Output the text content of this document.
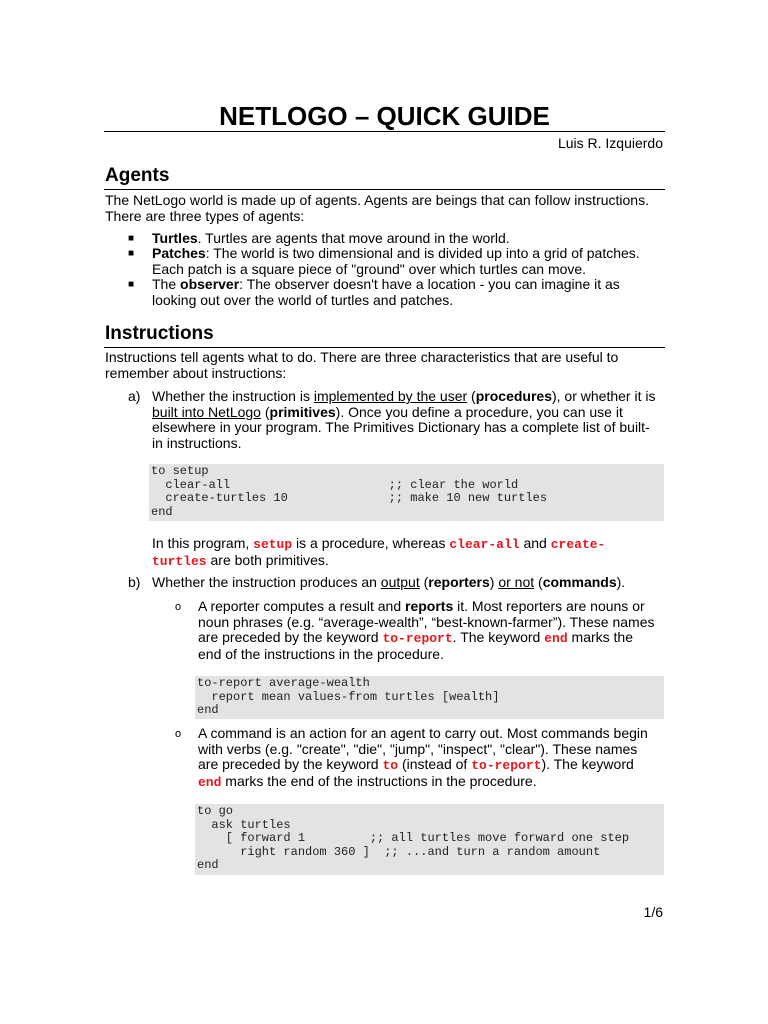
NETLOGO – QUICK GUIDE
Luis R. Izquierdo
Agents
The NetLogo world is made up of agents. Agents are beings that can follow instructions.
There are three types of agents:
■ Turtles. Turtles are agents that move around in the world.
■ Patches: The world is two dimensional and is divided up into a grid of patches.
Each patch is a square piece of "ground" over which turtles can move.
■ The observer: The observer doesn't have a location - you can imagine it as
looking out over the world of turtles and patches.
Instructions
Instructions tell agents what to do. There are three characteristics that are useful to
remember about instructions:
a) Whether the instruction is implemented by the user (procedures), or whether it is
built into NetLogo (primitives). Once you define a procedure, you can use it
elsewhere in your program. The Primitives Dictionary has a complete list of built-
in instructions.
to setup
clear-all                      ;; clear the world
create-turtles 10              ;; make 10 new turtles
end
In this program, setup is a procedure, whereas clear-all and create-
turtles are both primitives.
b) Whether the instruction produces an output (reporters) or not (commands).
o A reporter computes a result and reports it. Most reporters are nouns or
noun phrases (e.g. “average-wealth”, “best-known-farmer”). These names
are preceded by the keyword to-report. The keyword end marks the
end of the instructions in the procedure.
to-report average-wealth
report mean values-from turtles [wealth]
end
o A command is an action for an agent to carry out. Most commands begin
with verbs (e.g. "create", "die", "jump", "inspect", "clear"). These names
are preceded by the keyword to (instead of to-report). The keyword
end marks the end of the instructions in the procedure.
to go
ask turtles
[ forward 1         ;; all turtles move forward one step
right random 360 ]  ;; ...and turn a random amount
end
1/6
